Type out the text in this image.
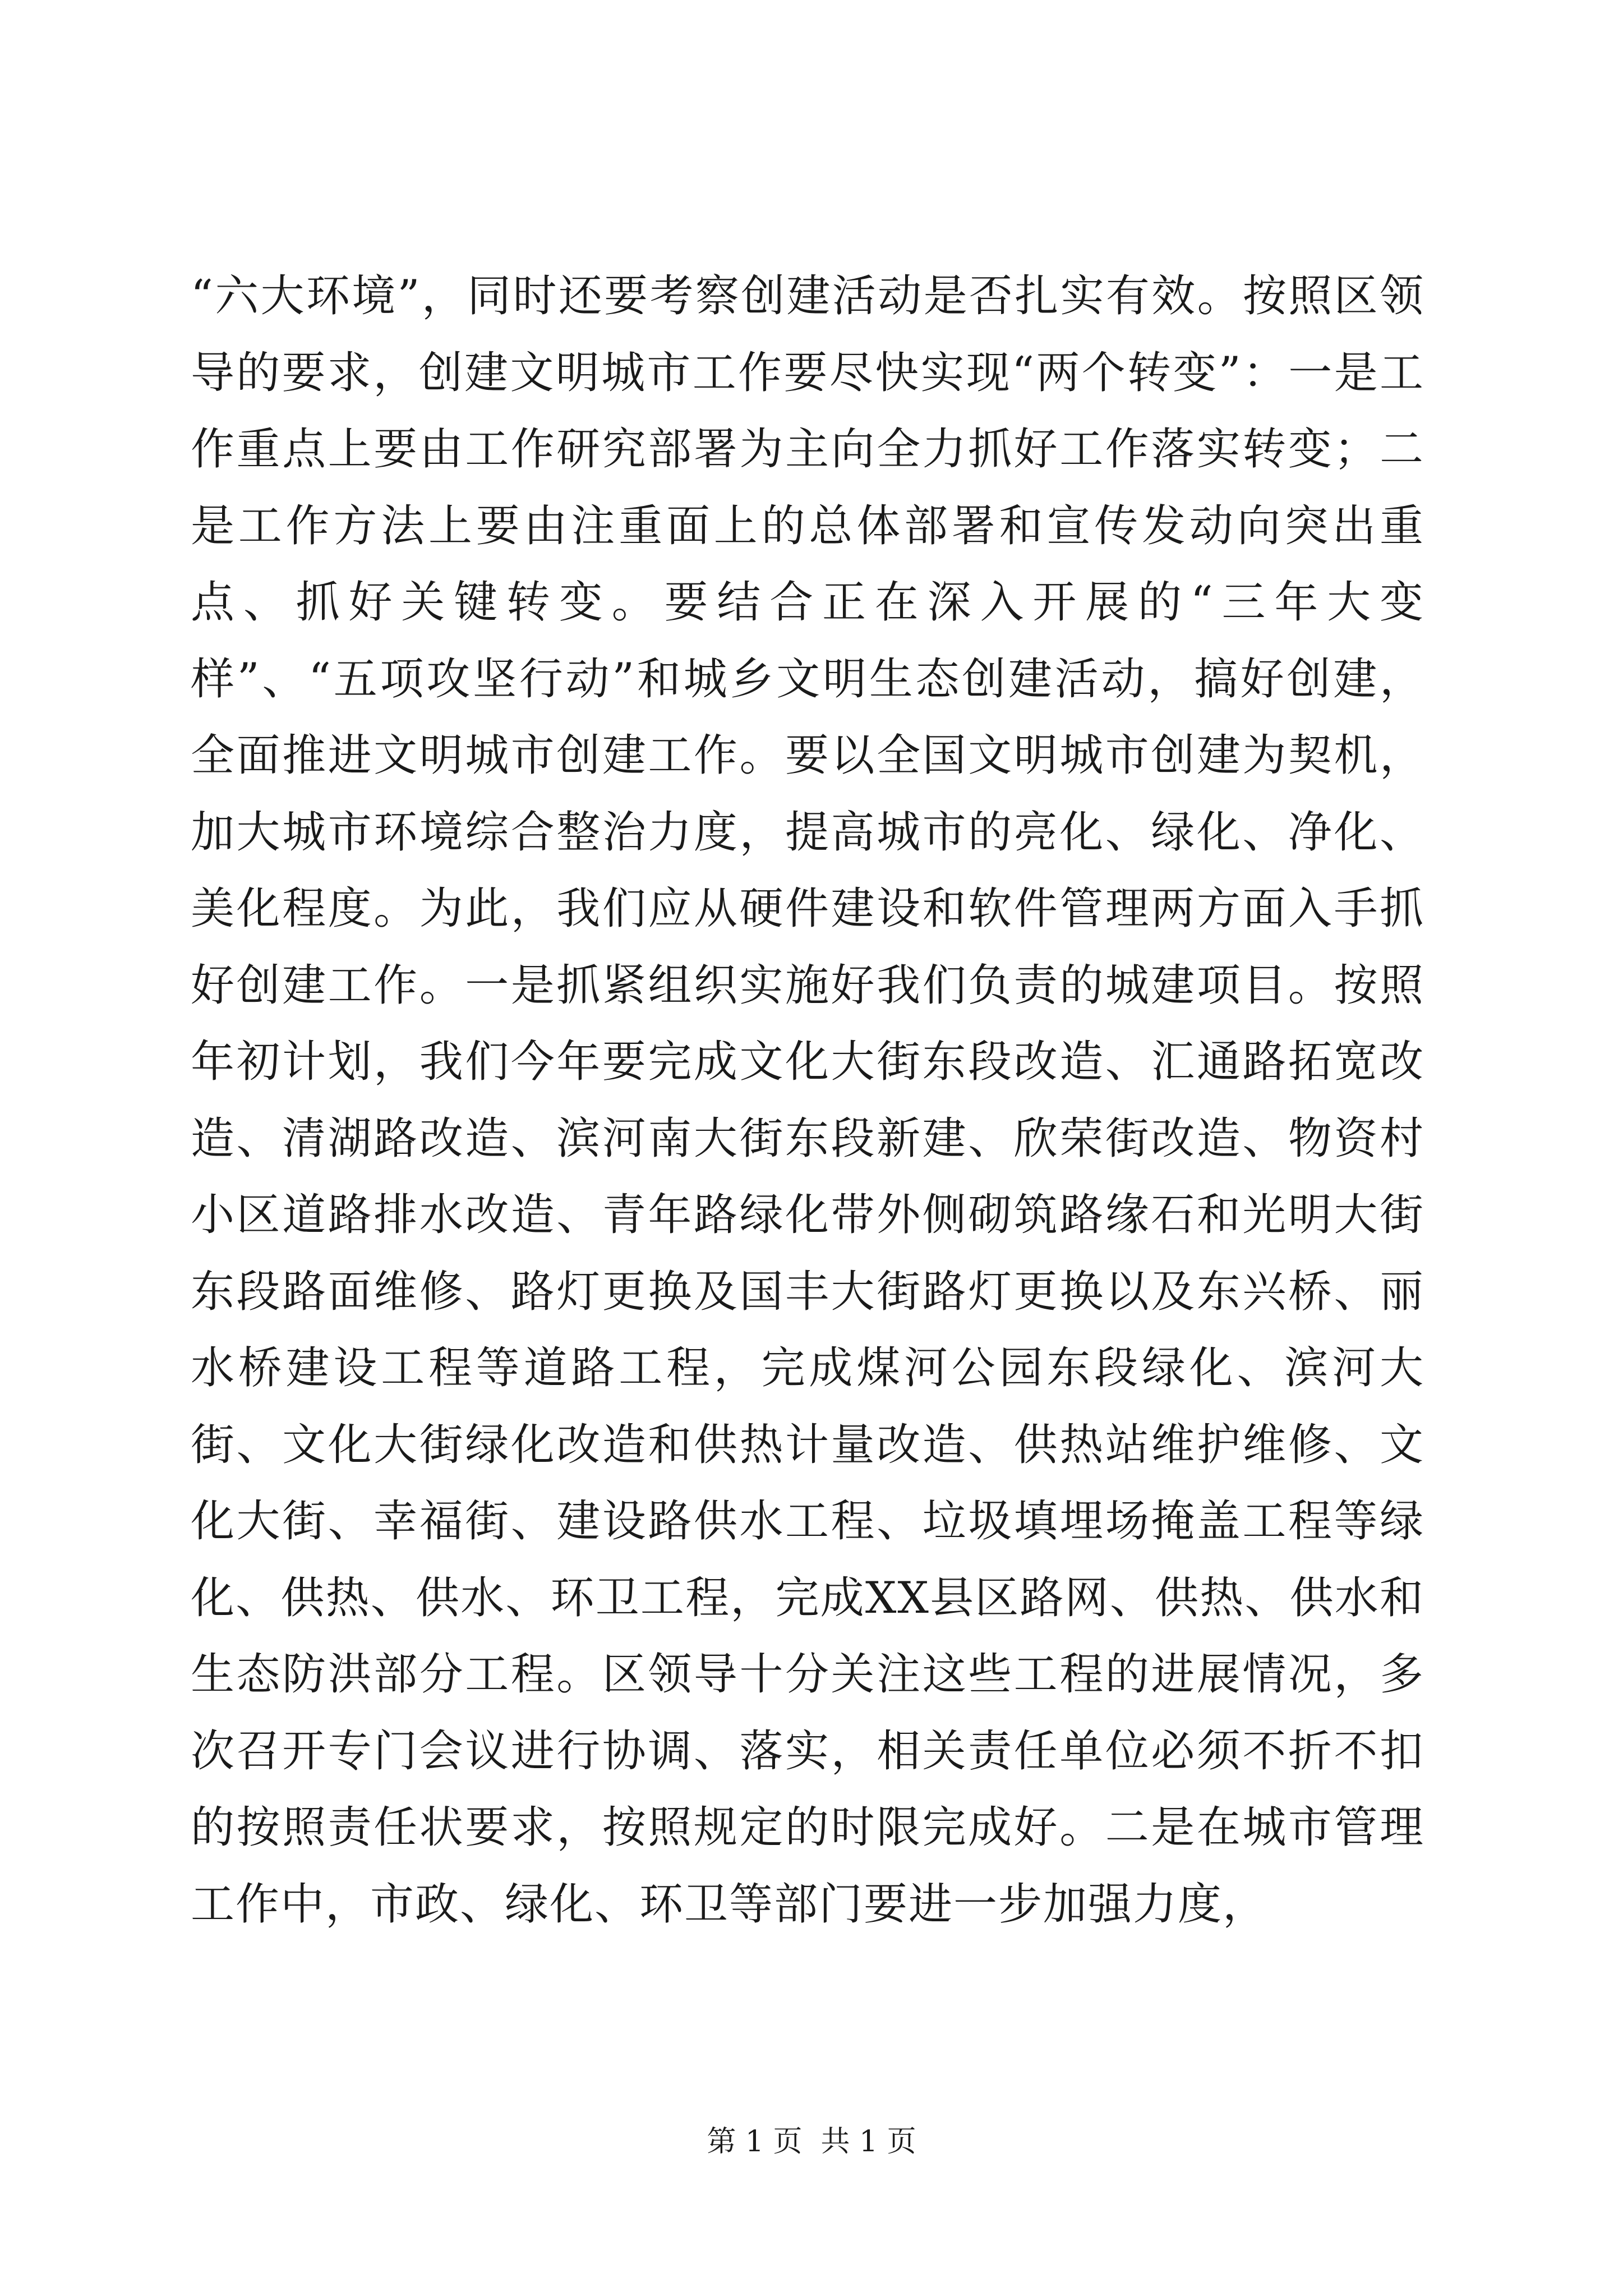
“六大环境”，同时还要考察创建活动是否扎实有效。按照区领导的要求，创建文明城市工作要尽快实现“两个转变”：一是工作重点上要由工作研究部署为主向全力抓好工作落实转变；二是工作方法上要由注重面上的总体部署和宣传发动向突出重点、抓好关键转变。要结合正在深入开展的“三年大变样”、“五项攻坚行动”和城乡文明生态创建活动，搞好创建，全面推进文明城市创建工作。要以全国文明城市创建为契机，加大城市环境综合整治力度，提高城市的亮化、绿化、净化、美化程度。为此，我们应从硬件建设和软件管理两方面入手抓好创建工作。一是抓紧组织实施好我们负责的城建项目。按照年初计划，我们今年要完成文化大街东段改造、汇通路拓宽改造、清湖路改造、滨河南大街东段新建、欣荣街改造、物资村小区道路排水改造、青年路绿化带外侧砌筑路缘石和光明大街东段路面维修、路灯更换及国丰大街路灯更换以及东兴桥、丽水桥建设工程等道路工程，完成煤河公园东段绿化、滨河大街、文化大街绿化改造和供热计量改造、供热站维护维修、文化大街、幸福街、建设路供水工程、垃圾填埋场掩盖工程等绿化、供热、供水、环卫工程，完成XX县区路网、供热、供水和生态防洪部分工程。区领导十分关注这些工程的进展情况，多次召开专门会议进行协调、落实，相关责任单位必须不折不扣的按照责任状要求，按照规定的时限完成好。二是在城市管理工作中，市政、绿化、环卫等部门要进一步加强力度，

第 1 页  共 1 页
